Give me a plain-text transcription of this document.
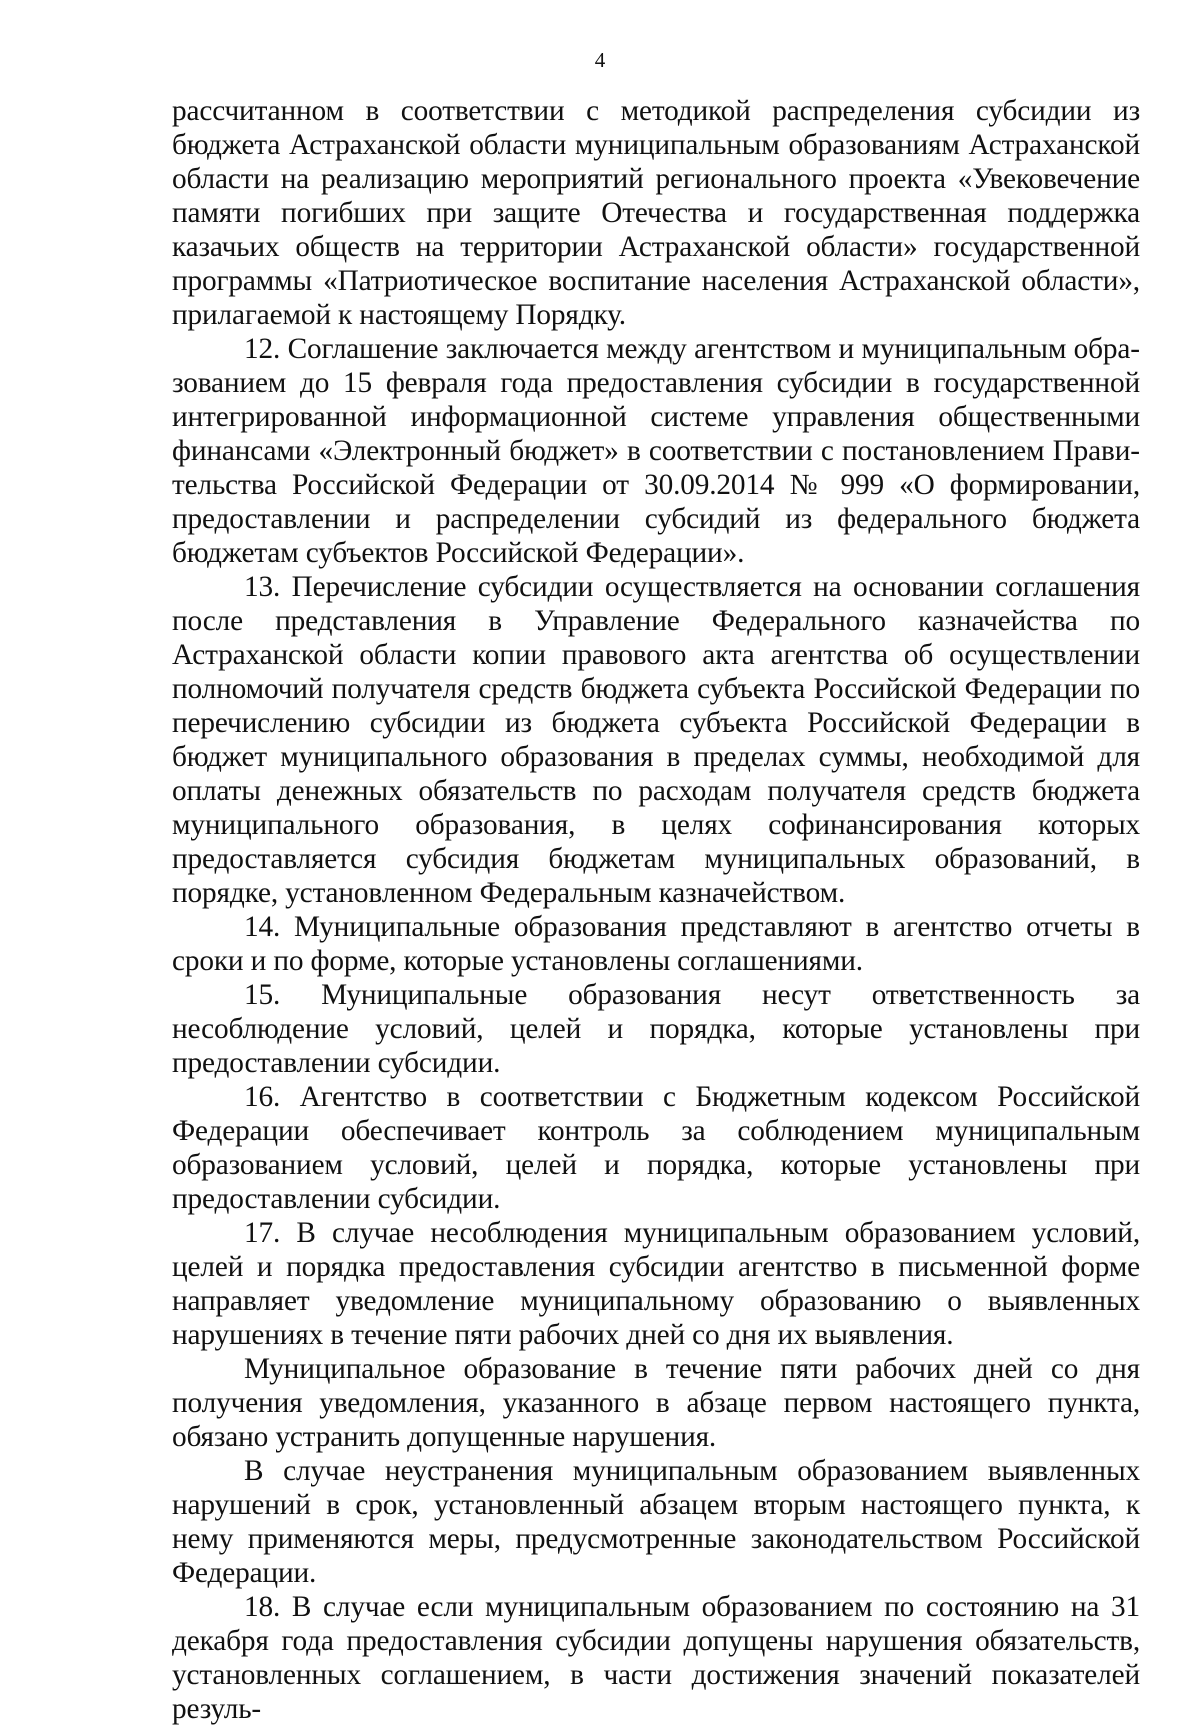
4

рассчитанном в соответствии с методикой распределения субсидии из бюджета Астраханской области муниципальным образованиям Астраханской области на реализацию мероприятий регионального проекта «Увековечение памяти погибших при защите Отечества и государственная поддержка казачьих обществ на территории Астраханской области» государственной программы «Патриотическое воспитание населения Астраханской области», прилагаемой к настоящему Порядку.

12. Соглашение заключается между агентством и муниципальным образованием до 15 февраля года предоставления субсидии в государственной интегрированной информационной системе управления общественными финансами «Электронный бюджет» в соответствии с постановлением Правительства Российской Федерации от 30.09.2014 № 999 «О формировании, предоставлении и распределении субсидий из федерального бюджета бюджетам субъектов Российской Федерации».

13. Перечисление субсидии осуществляется на основании соглашения после представления в Управление Федерального казначейства по Астраханской области копии правового акта агентства об осуществлении полномочий получателя средств бюджета субъекта Российской Федерации по перечислению субсидии из бюджета субъекта Российской Федерации в бюджет муниципального образования в пределах суммы, необходимой для оплаты денежных обязательств по расходам получателя средств бюджета муниципального образования, в целях софинансирования которых предоставляется субсидия бюджетам муниципальных образований, в порядке, установленном Федеральным казначейством.

14. Муниципальные образования представляют в агентство отчеты в сроки и по форме, которые установлены соглашениями.

15. Муниципальные образования несут ответственность за несоблюдение условий, целей и порядка, которые установлены при предоставлении субсидии.

16. Агентство в соответствии с Бюджетным кодексом Российской Федерации обеспечивает контроль за соблюдением муниципальным образованием условий, целей и порядка, которые установлены при предоставлении субсидии.

17. В случае несоблюдения муниципальным образованием условий, целей и порядка предоставления субсидии агентство в письменной форме направляет уведомление муниципальному образованию о выявленных нарушениях в течение пяти рабочих дней со дня их выявления.

Муниципальное образование в течение пяти рабочих дней со дня получения уведомления, указанного в абзаце первом настоящего пункта, обязано устранить допущенные нарушения.

В случае неустранения муниципальным образованием выявленных нарушений в срок, установленный абзацем вторым настоящего пункта, к нему применяются меры, предусмотренные законодательством Российской Федерации.

18. В случае если муниципальным образованием по состоянию на 31 декабря года предоставления субсидии допущены нарушения обязательств, установленных соглашением, в части достижения значений показателей резуль-
